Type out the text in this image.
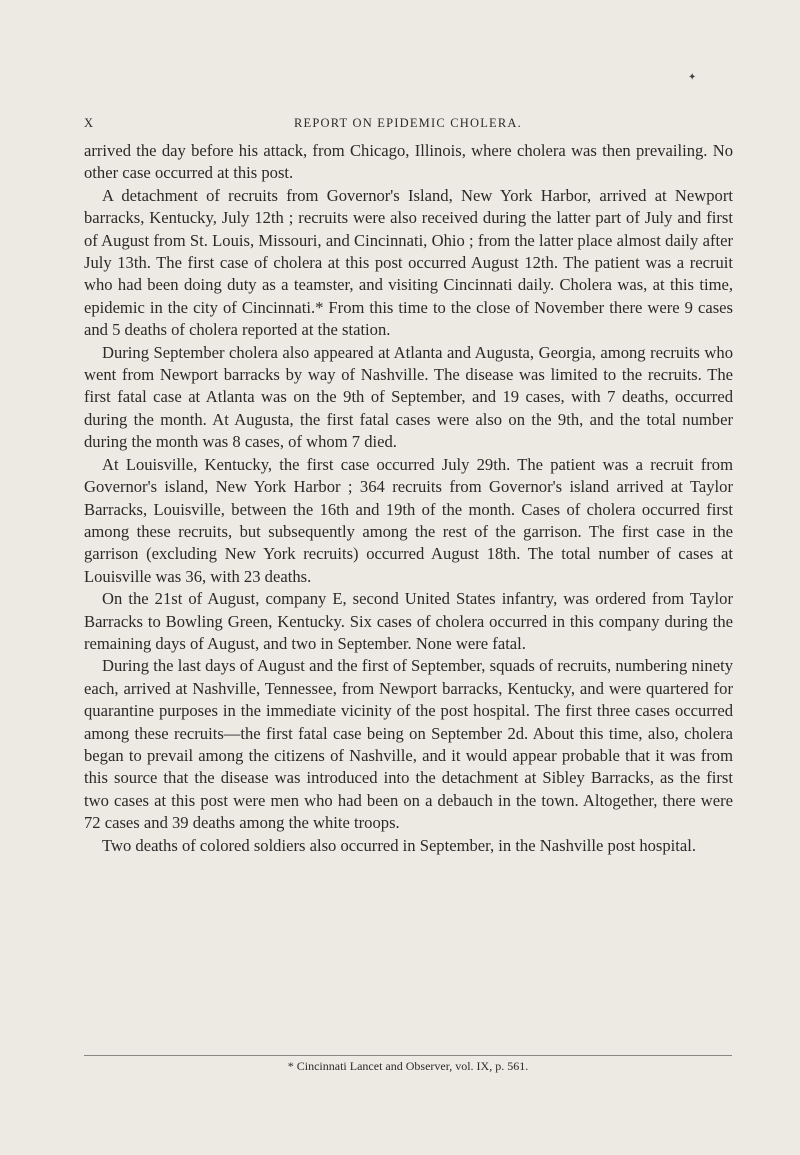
✦
X	REPORT ON EPIDEMIC CHOLERA.

arrived the day before his attack, from Chicago, Illinois, where cholera was then prevailing. No other case occurred at this post.

A detachment of recruits from Governor's Island, New York Harbor, arrived at Newport barracks, Kentucky, July 12th ; recruits were also received during the latter part of July and first of August from St. Louis, Missouri, and Cincinnati, Ohio ; from the latter place almost daily after July 13th. The first case of cholera at this post occurred August 12th. The patient was a recruit who had been doing duty as a teamster, and visiting Cincinnati daily. Cholera was, at this time, epidemic in the city of Cincinnati.* From this time to the close of November there were 9 cases and 5 deaths of cholera reported at the station.

During September cholera also appeared at Atlanta and Augusta, Georgia, among recruits who went from Newport barracks by way of Nashville. The disease was limited to the recruits. The first fatal case at Atlanta was on the 9th of September, and 19 cases, with 7 deaths, occurred during the month. At Augusta, the first fatal cases were also on the 9th, and the total number during the month was 8 cases, of whom 7 died.

At Louisville, Kentucky, the first case occurred July 29th. The patient was a recruit from Governor's island, New York Harbor ; 364 recruits from Governor's island arrived at Taylor Barracks, Louisville, between the 16th and 19th of the month. Cases of cholera occurred first among these recruits, but subsequently among the rest of the garrison. The first case in the garrison (excluding New York recruits) occurred August 18th. The total number of cases at Louisville was 36, with 23 deaths.

On the 21st of August, company E, second United States infantry, was ordered from Taylor Barracks to Bowling Green, Kentucky. Six cases of cholera occurred in this company during the remaining days of August, and two in September. None were fatal.

During the last days of August and the first of September, squads of recruits, numbering ninety each, arrived at Nashville, Tennessee, from Newport barracks, Kentucky, and were quartered for quarantine purposes in the immediate vicinity of the post hospital. The first three cases occurred among these recruits—the first fatal case being on September 2d. About this time, also, cholera began to prevail among the citizens of Nashville, and it would appear probable that it was from this source that the disease was introduced into the detachment at Sibley Barracks, as the first two cases at this post were men who had been on a debauch in the town. Altogether, there were 72 cases and 39 deaths among the white troops.

Two deaths of colored soldiers also occurred in September, in the Nashville post hospital.

* Cincinnati Lancet and Observer, vol. IX, p. 561.
